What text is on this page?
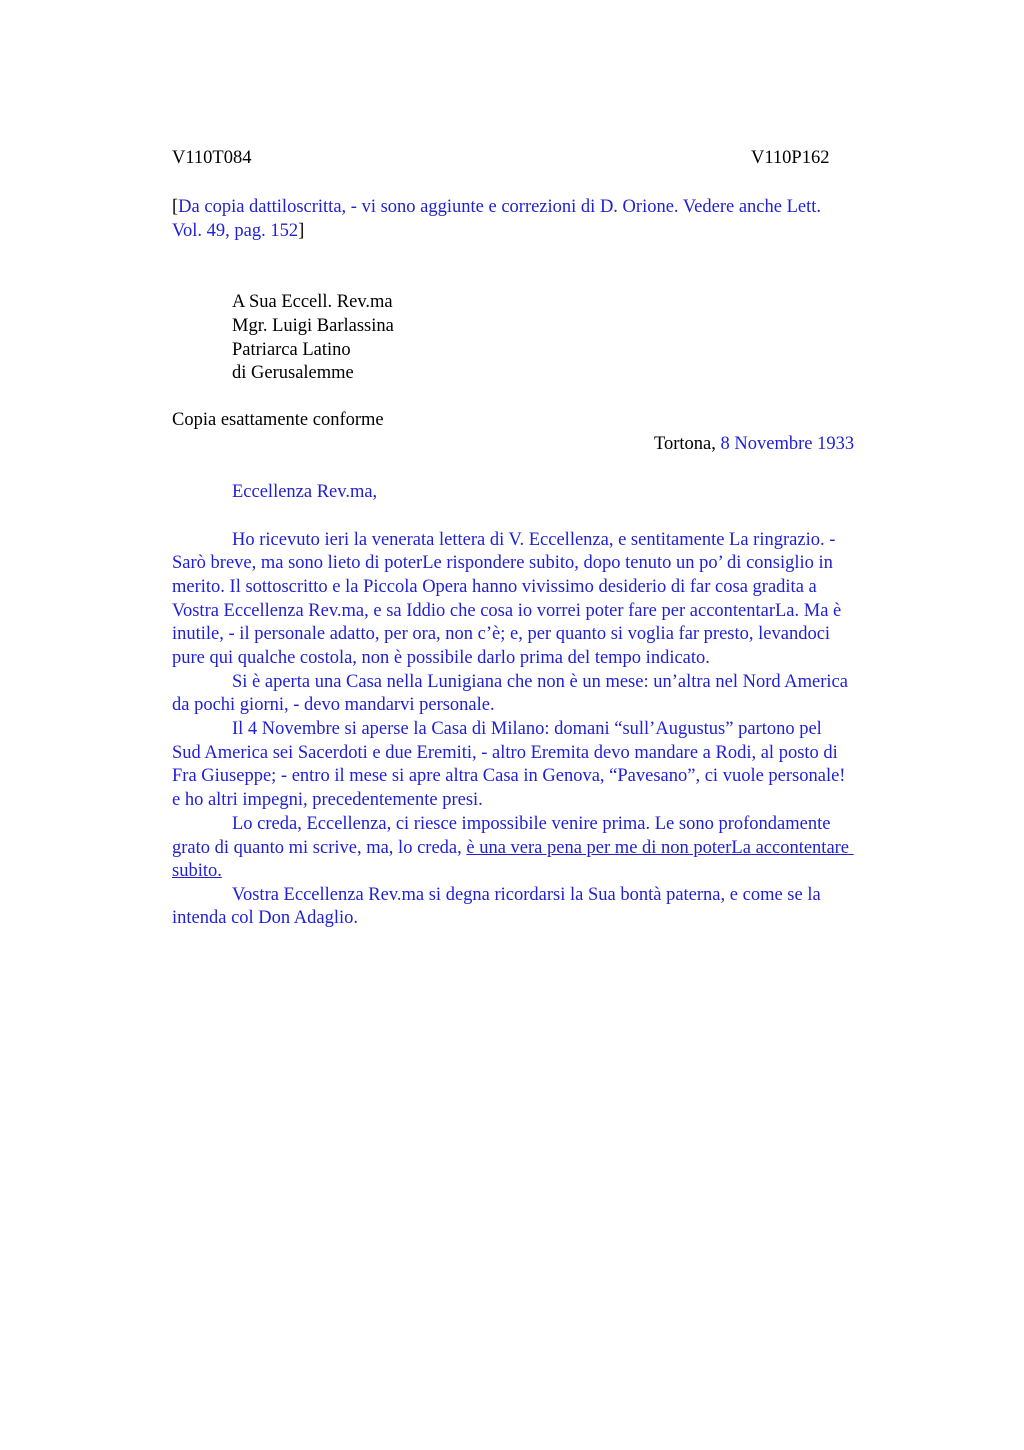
V110T084	V110P162
[Da copia dattiloscritta, - vi sono aggiunte e correzioni di D. Orione. Vedere anche Lett.
Vol. 49, pag. 152]
A Sua Eccell. Rev.ma
Mgr. Luigi Barlassina
Patriarca Latino
di Gerusalemme
Copia esattamente conforme
Tortona, 8 Novembre 1933
Eccellenza Rev.ma,
Ho ricevuto ieri la venerata lettera di V. Eccellenza, e sentitamente La ringrazio. -
Sarò breve, ma sono lieto di poterLe rispondere subito, dopo tenuto un po’ di consiglio in
merito. Il sottoscritto e la Piccola Opera hanno vivissimo desiderio di far cosa gradita a
Vostra Eccellenza Rev.ma, e sa Iddio che cosa io vorrei poter fare per accontentarLa. Ma è
inutile, - il personale adatto, per ora, non c’è; e, per quanto si voglia far presto, levandoci
pure qui qualche costola, non è possibile darlo prima del tempo indicato.
Si è aperta una Casa nella Lunigiana che non è un mese: un’altra nel Nord America
da pochi giorni, - devo mandarvi personale.
Il 4 Novembre si aperse la Casa di Milano: domani “sull’Augustus” partono pel
Sud America sei Sacerdoti e due Eremiti, - altro Eremita devo mandare a Rodi, al posto di
Fra Giuseppe; - entro il mese si apre altra Casa in Genova, “Pavesano”, ci vuole personale!
e ho altri impegni, precedentemente presi.
Lo creda, Eccellenza, ci riesce impossibile venire prima. Le sono profondamente
grato di quanto mi scrive, ma, lo creda, è una vera pena per me di non poterLa accontentare
subito.
Vostra Eccellenza Rev.ma si degna ricordarsi la Sua bontà paterna, e come se la
intenda col Don Adaglio.
